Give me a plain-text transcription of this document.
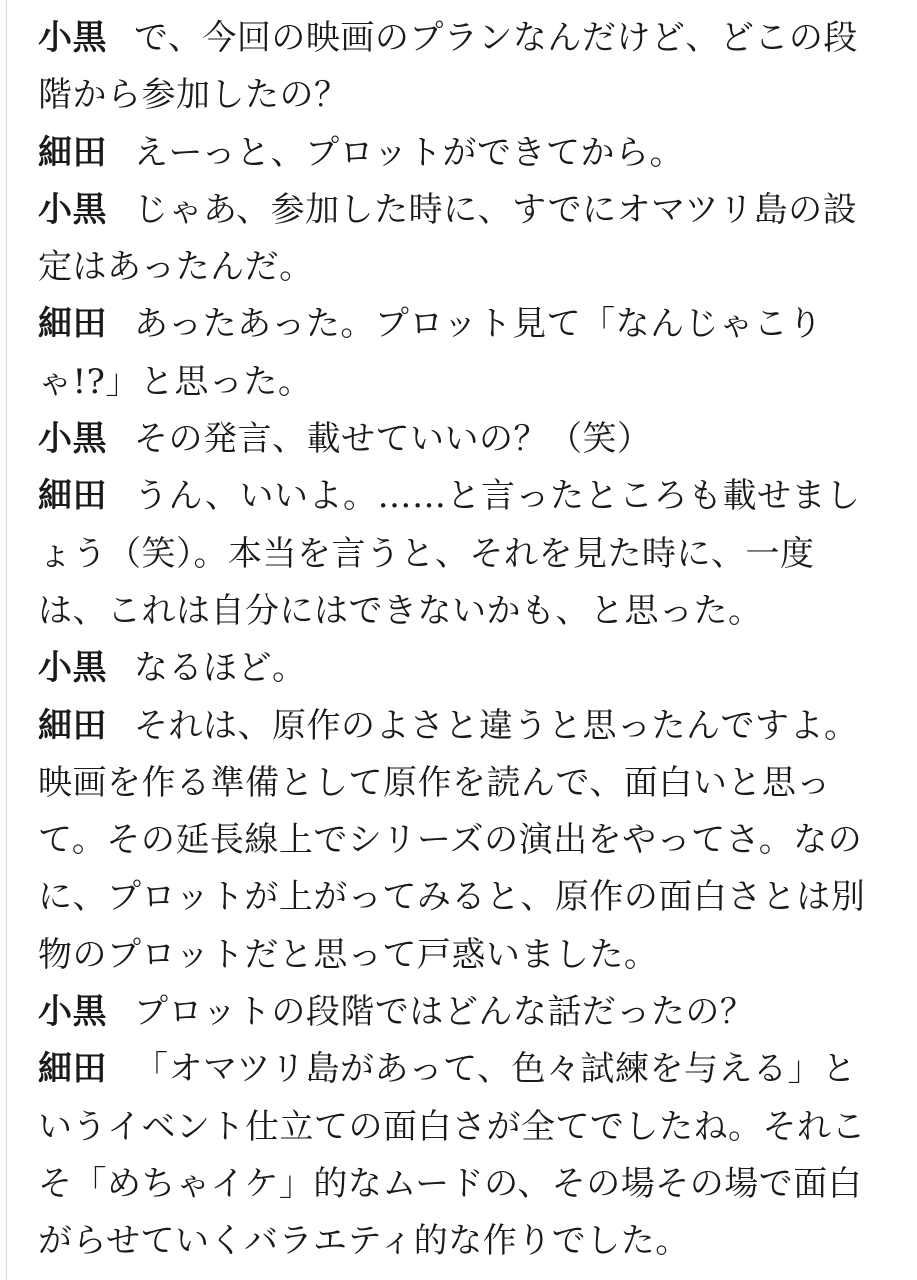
小黒 で、今回の映画のプランなんだけど、どこの段階から参加したの？

細田 えーっと、プロットができてから。

小黒 じゃあ、参加した時に、すでにオマツリ島の設定はあったんだ。

細田 あったあった。プロット見て「なんじゃこりゃ!?」と思った。

小黒 その発言、載せていいの？（笑）

細田 うん、いいよ。……と言ったところも載せましょう（笑）。本当を言うと、それを見た時に、一度は、これは自分にはできないかも、と思った。

小黒 なるほど。

細田 それは、原作のよさと違うと思ったんですよ。映画を作る準備として原作を読んで、面白いと思って。その延長線上でシリーズの演出をやってさ。なのに、プロットが上がってみると、原作の面白さとは別物のプロットだと思って戸惑いました。

小黒 プロットの段階ではどんな話だったの？

細田 「オマツリ島があって、色々試練を与える」というイベント仕立ての面白さが全てでしたね。それこそ「めちゃイケ」的なムードの、その場その場で面白がらせていくバラエティ的な作りでした。
